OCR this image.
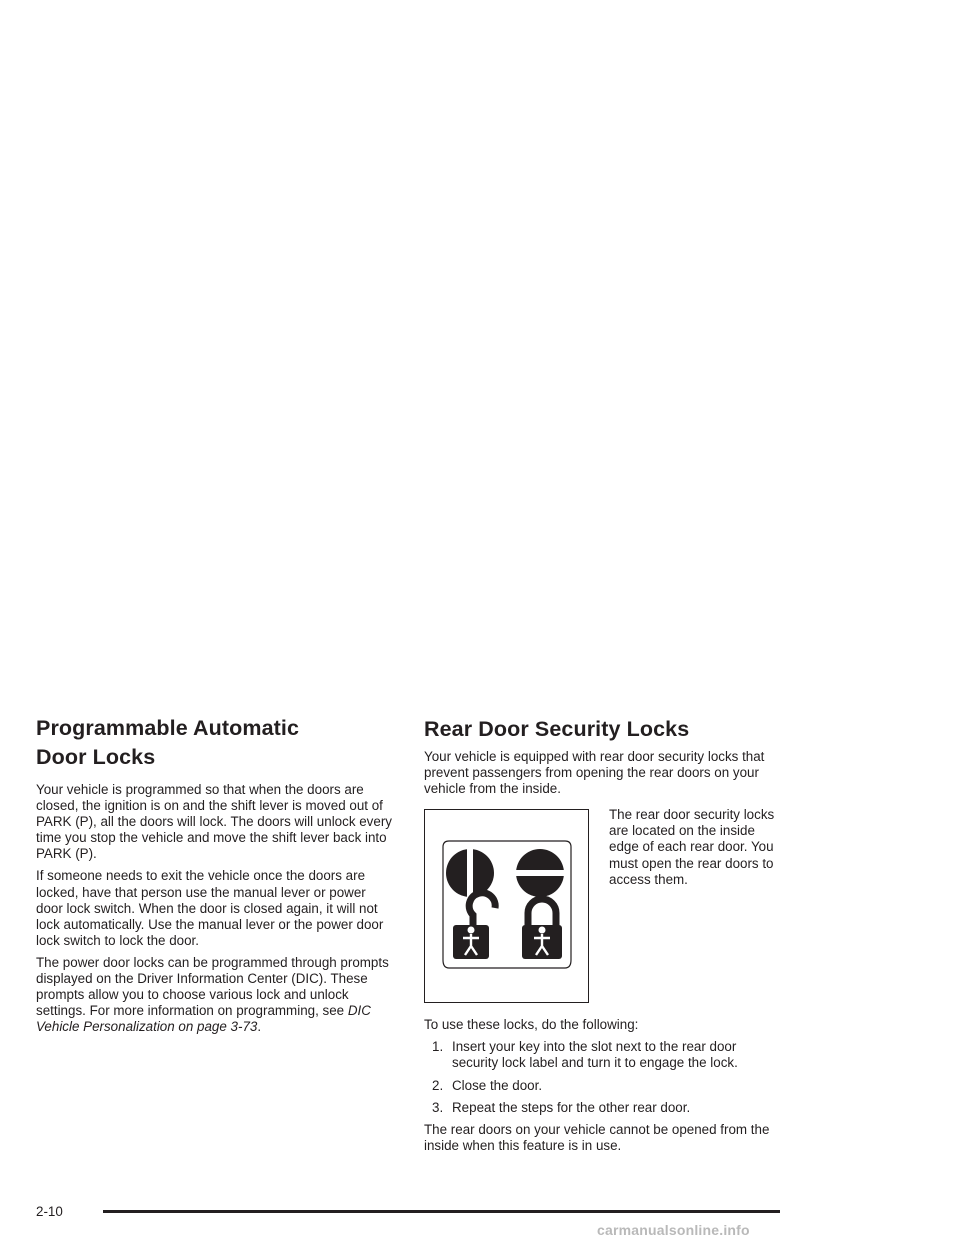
Programmable Automatic
Door Locks

Your vehicle is programmed so that when the doors are closed, the ignition is on and the shift lever is moved out of PARK (P), all the doors will lock. The doors will unlock every time you stop the vehicle and move the shift lever back into PARK (P).

If someone needs to exit the vehicle once the doors are locked, have that person use the manual lever or power door lock switch. When the door is closed again, it will not lock automatically. Use the manual lever or the power door lock switch to lock the door.

The power door locks can be programmed through prompts displayed on the Driver Information Center (DIC). These prompts allow you to choose various lock and unlock settings. For more information on programming, see DIC Vehicle Personalization on page 3-73.

Rear Door Security Locks

Your vehicle is equipped with rear door security locks that prevent passengers from opening the rear doors on your vehicle from the inside.

The rear door security locks are located on the inside edge of each rear door. You must open the rear doors to access them.

To use these locks, do the following:

1. Insert your key into the slot next to the rear door security lock label and turn it to engage the lock.
2. Close the door.
3. Repeat the steps for the other rear door.

The rear doors on your vehicle cannot be opened from the inside when this feature is in use.

2-10
carmanualsonline.info
